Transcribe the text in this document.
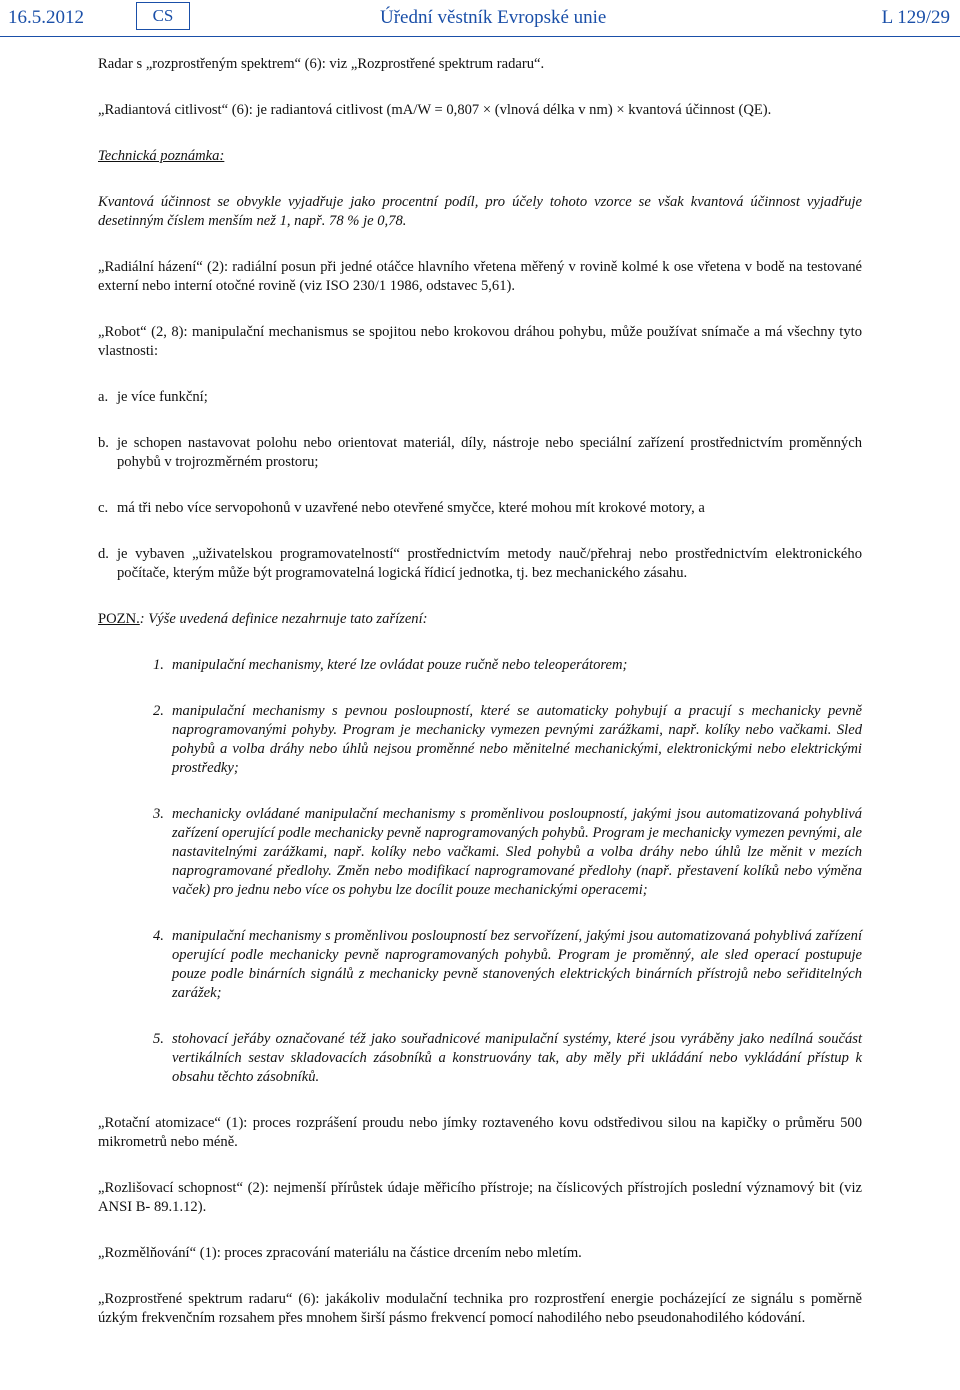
16.5.2012	CS	Úřední věstník Evropské unie	L 129/29

Radar s „rozprostřeným spektrem“ (6): viz „Rozprostřené spektrum radaru“.

„Radiantová citlivost“ (6): je radiantová citlivost (mA/W = 0,807 × (vlnová délka v nm) × kvantová účinnost (QE).

Technická poznámka:

Kvantová účinnost se obvykle vyjadřuje jako procentní podíl, pro účely tohoto vzorce se však kvantová účinnost vyjadřuje desetinným číslem menším než 1, např. 78 % je 0,78.

„Radiální házení“ (2): radiální posun při jedné otáčce hlavního vřetena měřený v rovině kolmé k ose vřetena v bodě na testované externí nebo interní otočné rovině (viz ISO 230/1 1986, odstavec 5,61).

„Robot“ (2, 8): manipulační mechanismus se spojitou nebo krokovou dráhou pohybu, může používat snímače a má všechny tyto vlastnosti:

a. je více funkční;
b. je schopen nastavovat polohu nebo orientovat materiál, díly, nástroje nebo speciální zařízení prostřednictvím proměnných pohybů v trojrozměrném prostoru;
c. má tři nebo více servopohonů v uzavřené nebo otevřené smyčce, které mohou mít krokové motory, a
d. je vybaven „uživatelskou programovatelností“ prostřednictvím metody nauč/přehraj nebo prostřednictvím elektronického počítače, kterým může být programovatelná logická řídicí jednotka, tj. bez mechanického zásahu.

POZN.: Výše uvedená definice nezahrnuje tato zařízení:

1. manipulační mechanismy, které lze ovládat pouze ručně nebo teleoperátorem;
2. manipulační mechanismy s pevnou posloupností, které se automaticky pohybují a pracují s mechanicky pevně naprogramovanými pohyby. Program je mechanicky vymezen pevnými zarážkami, např. kolíky nebo vačkami. Sled pohybů a volba dráhy nebo úhlů nejsou proměnné nebo měnitelné mechanickými, elektronickými nebo elektrickými prostředky;
3. mechanicky ovládané manipulační mechanismy s proměnlivou posloupností, jakými jsou automatizovaná pohyblivá zařízení operující podle mechanicky pevně naprogramovaných pohybů. Program je mechanicky vymezen pevnými, ale nastavitelnými zarážkami, např. kolíky nebo vačkami. Sled pohybů a volba dráhy nebo úhlů lze měnit v mezích naprogramované předlohy. Změn nebo modifikací naprogramované předlohy (např. přestavení kolíků nebo výměna vaček) pro jednu nebo více os pohybu lze docílit pouze mechanickými operacemi;
4. manipulační mechanismy s proměnlivou posloupností bez servořízení, jakými jsou automatizovaná pohyblivá zařízení operující podle mechanicky pevně naprogramovaných pohybů. Program je proměnný, ale sled operací postupuje pouze podle binárních signálů z mechanicky pevně stanovených elektrických binárních přístrojů nebo seřiditelných zarážek;
5. stohovací jeřáby označované též jako souřadnicové manipulační systémy, které jsou vyráběny jako nedílná součást vertikálních sestav skladovacích zásobníků a konstruovány tak, aby měly při ukládání nebo vykládání přístup k obsahu těchto zásobníků.

„Rotační atomizace“ (1): proces rozprášení proudu nebo jímky roztaveného kovu odstředivou silou na kapičky o průměru 500 mikrometrů nebo méně.

„Rozlišovací schopnost“ (2): nejmenší přírůstek údaje měřicího přístroje; na číslicových přístrojích poslední významový bit (viz ANSI B- 89.1.12).

„Rozmělňování“ (1): proces zpracování materiálu na částice drcením nebo mletím.

„Rozprostřené spektrum radaru“ (6): jakákoliv modulační technika pro rozprostření energie pocházející ze signálu s poměrně úzkým frekvenčním rozsahem přes mnohem širší pásmo frekvencí pomocí nahodilého nebo pseudonahodilého kódování.
